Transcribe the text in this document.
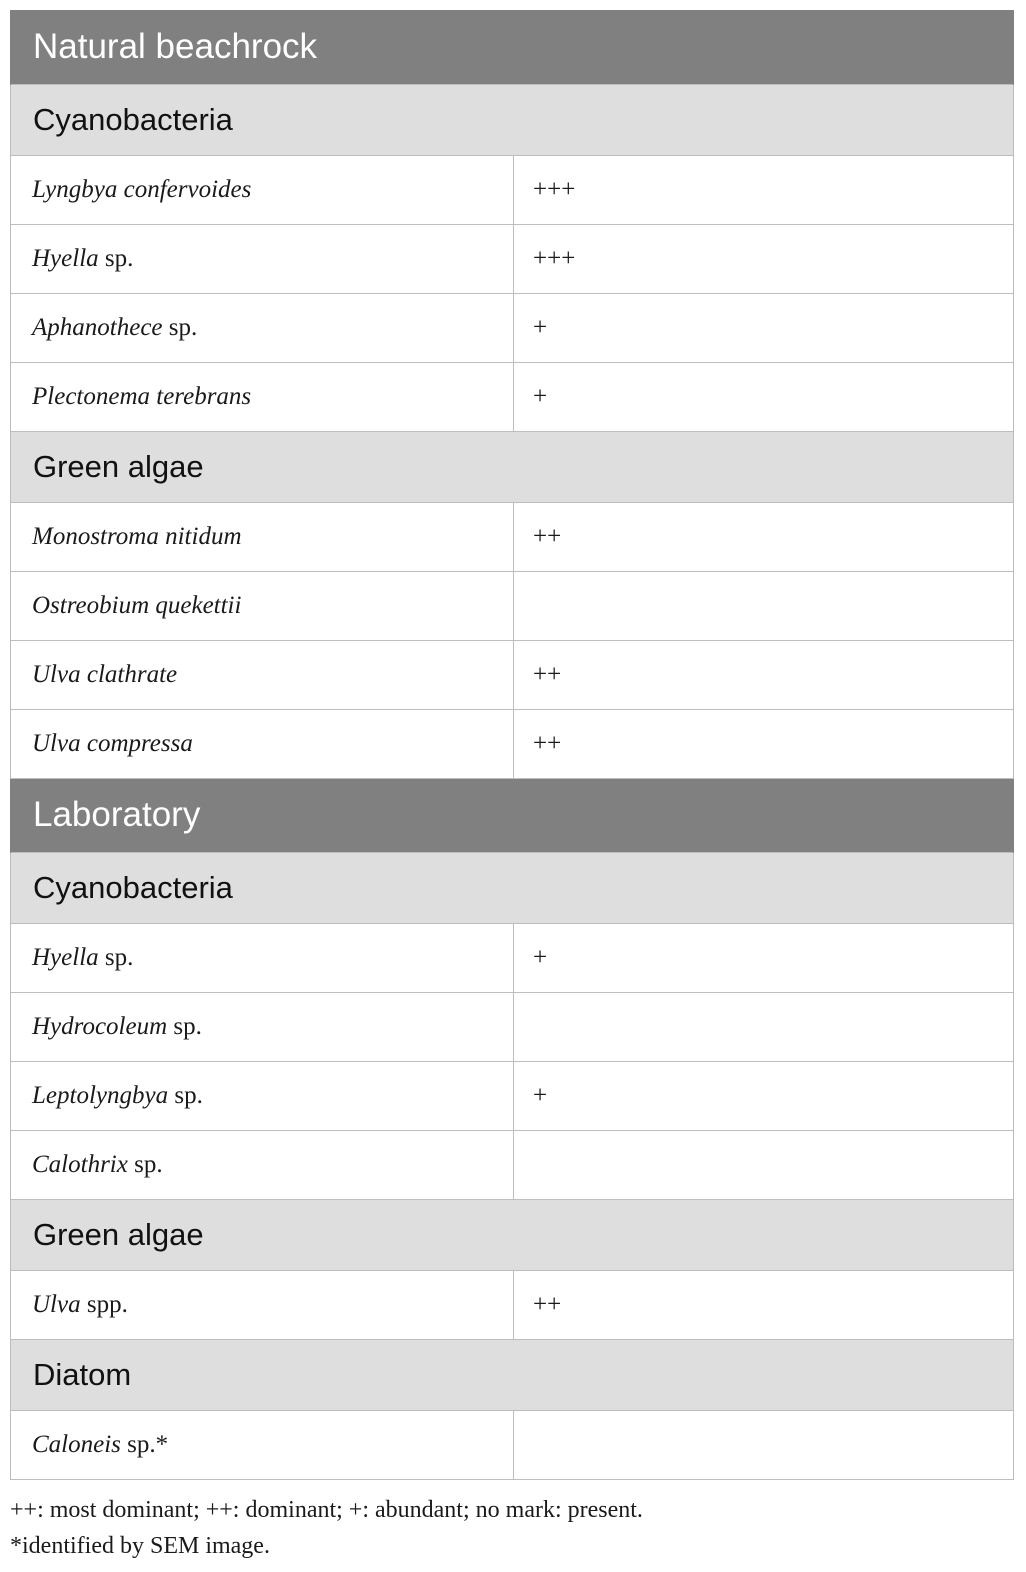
Natural beachrock	
Cyanobacteria	
Lyngbya confervoides	+++
Hyella sp.	+++
Aphanothece sp.	+
Plectonema terebrans	+
Green algae	
Monostroma nitidum	++
Ostreobium quekettii	
Ulva clathrate	++
Ulva compressa	++
Laboratory	
Cyanobacteria	
Hyella sp.	+
Hydrocoleum sp.	
Leptolyngbya sp.	+
Calothrix sp.	
Green algae	
Ulva spp.	++
Diatom	
Caloneis sp.*	

++: most dominant; ++: dominant; +: abundant; no mark: present.

*identified by SEM image.
